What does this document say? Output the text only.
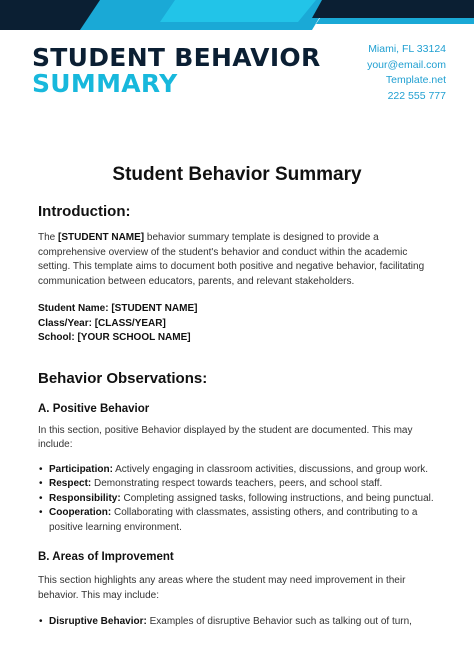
STUDENT BEHAVIOR
SUMMARY
Miami, FL 33124
your@email.com
Template.net
222 555 777
Student Behavior Summary
Introduction:

The [STUDENT NAME] behavior summary template is designed to provide a comprehensive overview of the student's behavior and conduct within the academic setting. This template aims to document both positive and negative behavior, facilitating communication between educators, parents, and relevant stakeholders.

Student Name: [STUDENT NAME]
Class/Year: [CLASS/YEAR]
School: [YOUR SCHOOL NAME]
Behavior Observations:
A. Positive Behavior

In this section, positive Behavior displayed by the student are documented. This may include:

• Participation: Actively engaging in classroom activities, discussions, and group work.
• Respect: Demonstrating respect towards teachers, peers, and school staff.
• Responsibility: Completing assigned tasks, following instructions, and being punctual.
• Cooperation: Collaborating with classmates, assisting others, and contributing to a positive learning environment.
B. Areas of Improvement

This section highlights any areas where the student may need improvement in their behavior. This may include:

• Disruptive Behavior: Examples of disruptive Behavior such as talking out of turn,
